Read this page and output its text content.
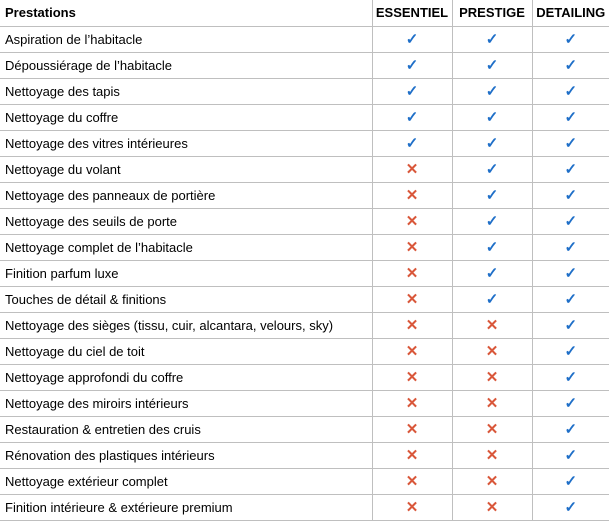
Prestations	ESSENTIEL	PRESTIGE	DETAILING
Aspiration de l’habitacle	✓	✓	✓
Dépoussiérage de l’habitacle	✓	✓	✓
Nettoyage des tapis	✓	✓	✓
Nettoyage du coffre	✓	✓	✓
Nettoyage des vitres intérieures	✓	✓	✓
Nettoyage du volant	✕	✓	✓
Nettoyage des panneaux de portière	✕	✓	✓
Nettoyage des seuils de porte	✕	✓	✓
Nettoyage complet de l’habitacle	✕	✓	✓
Finition parfum luxe	✕	✓	✓
Touches de détail & finitions	✕	✓	✓
Nettoyage des sièges (tissu, cuir, alcantara, velours, sky)	✕	✕	✓
Nettoyage du ciel de toit	✕	✕	✓
Nettoyage approfondi du coffre	✕	✕	✓
Nettoyage des miroirs intérieurs	✕	✕	✓
Restauration & entretien des cruis	✕	✕	✓
Rénovation des plastiques intérieurs	✕	✕	✓
Nettoyage extérieur complet	✕	✕	✓
Finition intérieure & extérieure premium	✕	✕	✓
